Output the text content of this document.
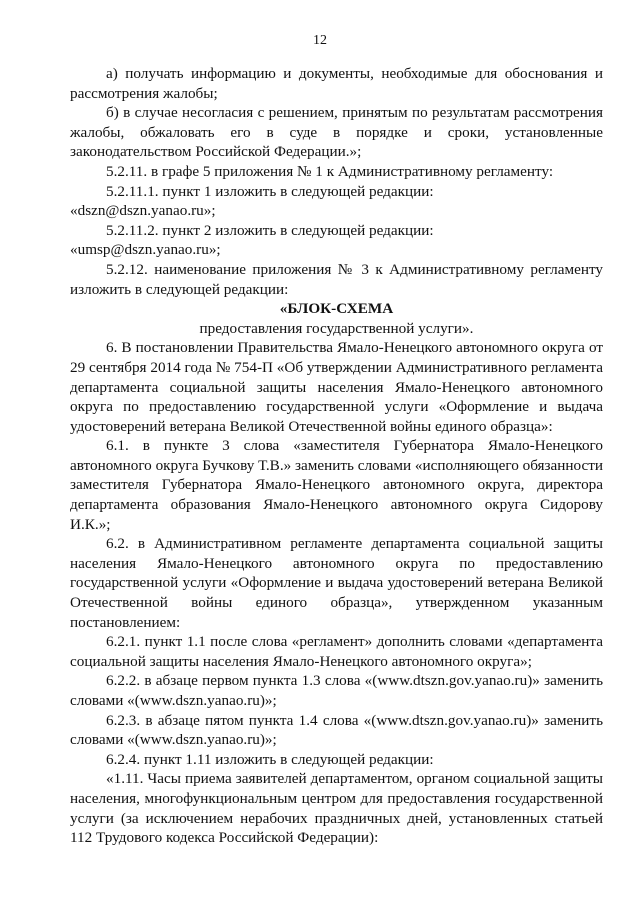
12

а) получать информацию и документы, необходимые для обоснования и рассмотрения жалобы;

б) в случае несогласия с решением, принятым по результатам рассмотрения жалобы, обжаловать его в суде в порядке и сроки, установленные законодательством Российской Федерации.»;

5.2.11. в графе 5 приложения № 1 к Административному регламенту:

5.2.11.1. пункт 1 изложить в следующей редакции:

«dszn@dszn.yanao.ru»;

5.2.11.2. пункт 2 изложить в следующей редакции:

«umsp@dszn.yanao.ru»;

5.2.12. наименование приложения № 3 к Административному регламенту изложить в следующей редакции:

«БЛОК-СХЕМА

предоставления государственной услуги».

6. В постановлении Правительства Ямало-Ненецкого автономного округа от 29 сентября 2014 года № 754-П «Об утверждении Административного регламента департамента социальной защиты населения Ямало-Ненецкого автономного округа по предоставлению государственной услуги «Оформление и выдача удостоверений ветерана Великой Отечественной войны единого образца»:

6.1. в пункте 3 слова «заместителя Губернатора Ямало-Ненецкого автономного округа Бучкову Т.В.» заменить словами «исполняющего обязанности заместителя Губернатора Ямало-Ненецкого автономного округа, директора департамента образования Ямало-Ненецкого автономного округа Сидорову И.К.»;

6.2. в Административном регламенте департамента социальной защиты населения Ямало-Ненецкого автономного округа по предоставлению государственной услуги «Оформление и выдача удостоверений ветерана Великой Отечественной войны единого образца», утвержденном указанным постановлением:

6.2.1. пункт 1.1 после слова «регламент» дополнить словами «департамента социальной защиты населения Ямало-Ненецкого автономного округа»;

6.2.2. в абзаце первом пункта 1.3 слова «(www.dtszn.gov.yanao.ru)» заменить словами «(www.dszn.yanao.ru)»;

6.2.3. в абзаце пятом пункта 1.4 слова «(www.dtszn.gov.yanao.ru)» заменить словами «(www.dszn.yanao.ru)»;

6.2.4. пункт 1.11 изложить в следующей редакции:

«1.11. Часы приема заявителей департаментом, органом социальной защиты населения, многофункциональным центром для предоставления государственной услуги (за исключением нерабочих праздничных дней, установленных статьей 112 Трудового кодекса Российской Федерации):
